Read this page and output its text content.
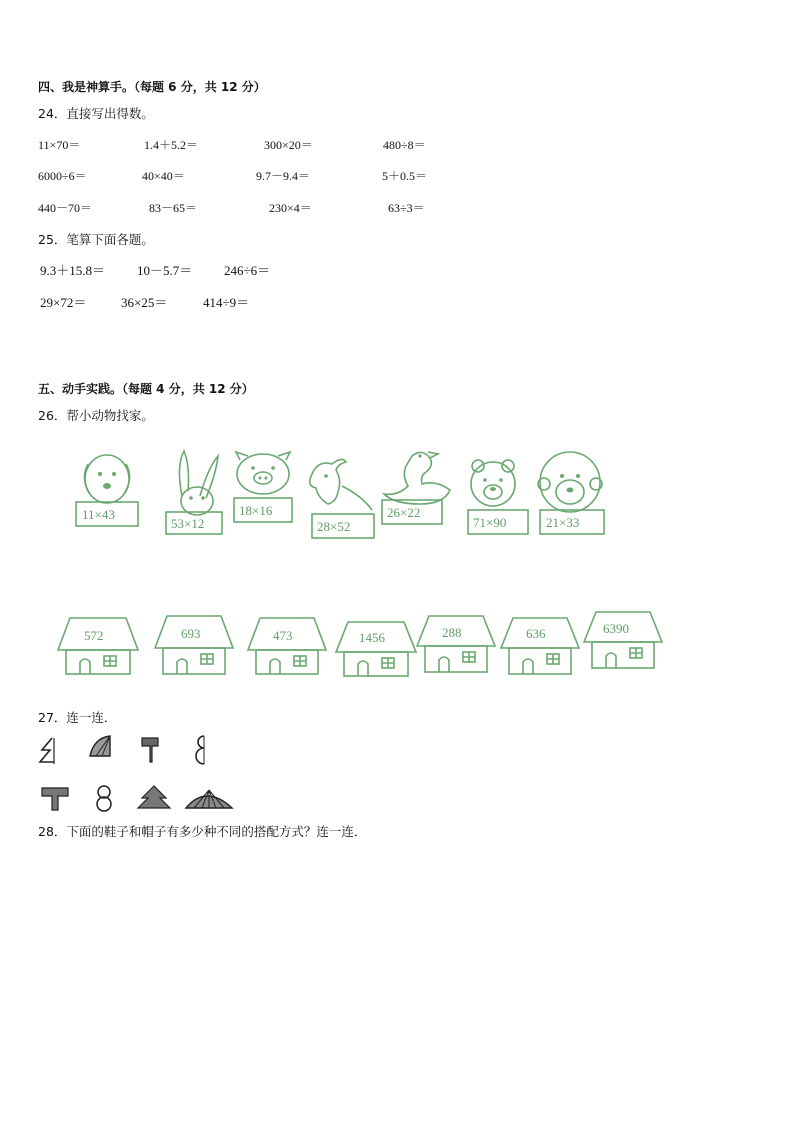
四、我是神算手。（每题 6 分，共 12 分）
24．直接写出得数。
11×70＝	1.4＋5.2＝	300×20＝	480÷8＝
6000÷6＝	40×40＝	9.7－9.4＝	5＋0.5＝
440－70＝	83－65＝	230×4＝	63÷3＝
25．笔算下面各题。
9.3＋15.8＝ 10－5.7＝ 246÷6＝
29×72＝	36×25＝	414÷9＝
五、动手实践。（每题 4 分，共 12 分）
26．帮小动物找家。
11×43
53×12
18×16
28×52
26×22
71×90	21×33
572	693	473	1456	288	636	6390
27．连一连．
28．下面的鞋子和帽子有多少种不同的搭配方式？连一连．
